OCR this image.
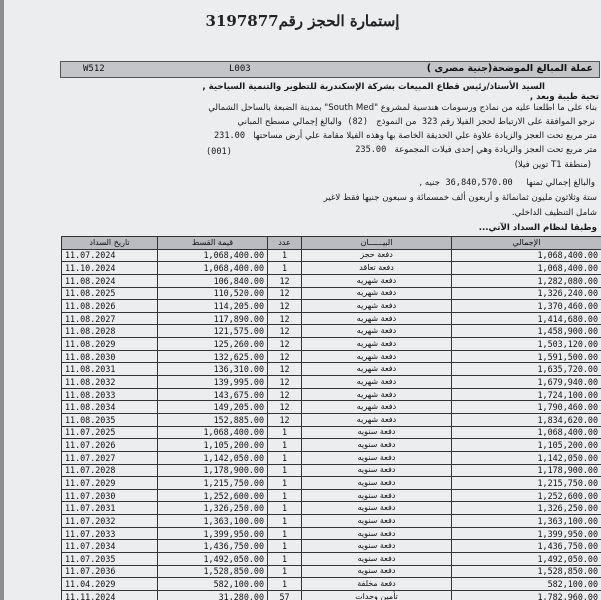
إستمارة الحجز رقم3197877
عملة المبالغ الموضحة(جنية مصرى )
L003
W512
السيد الأستاذ/رئيس قطاع المبيعات بشركة الإسكندرية للتطوير والتنمية السياحية ,
تحية طيبة وبعد ,
بناء على ما اطلعنا عليه من نماذج ورسومات هندسية لمشروع "South Med" بمدينة الضبعة بالساحل الشمالي
نرجو الموافقة على الارتباط لحجز الفيلا رقم 323  من النموذج   (82)  والبالغ إجمالي مسطح المباني
متر مربع تحت العجز والزيادة علاوة علي الحديقة الخاصة بها وهذه الفيلا مقامة علي أرض مساحتها   231.00
متر مربع تحت العجز والزيادة وهي إحدى فيلات المجموعة   235.00
(001)
(منطقة T1 توين فيلا)
والبالغ إجمالي ثمنها     36,840,570.00  جنيه ,
ستة وثلاثون مليون ثمانمائة و أربعون ألف خمسمائة و سبعون جنيها فقط لاغير
شامل التنظيف الداخلي.
وطبقا لنظام السداد الآتي...
تاريخ السداد	قيمة القسط	عدد	البيــــــان	الإجمالي
11.07.2024	1,068,400.00	1	دفعة حجز	1,068,400.00
11.10.2024	1,068,400.00	1	دفعة تعاقد	1,068,400.00
11.08.2024	106,840.00	12	دفعة شهريه	1,282,080.00
11.08.2025	110,520.00	12	دفعة شهريه	1,326,240.00
11.08.2026	114,205.00	12	دفعة شهريه	1,370,460.00
11.08.2027	117,890.00	12	دفعة شهريه	1,414,680.00
11.08.2028	121,575.00	12	دفعة شهريه	1,458,900.00
11.08.2029	125,260.00	12	دفعة شهريه	1,503,120.00
11.08.2030	132,625.00	12	دفعة شهريه	1,591,500.00
11.08.2031	136,310.00	12	دفعة شهريه	1,635,720.00
11.08.2032	139,995.00	12	دفعة شهريه	1,679,940.00
11.08.2033	143,675.00	12	دفعة شهريه	1,724,100.00
11.08.2034	149,205.00	12	دفعة شهريه	1,790,460.00
11.08.2035	152,885.00	12	دفعة شهريه	1,834,620.00
11.07.2025	1,068,400.00	1	دفعة سنويه	1,068,400.00
11.07.2026	1,105,200.00	1	دفعة سنويه	1,105,200.00
11.07.2027	1,142,050.00	1	دفعة سنويه	1,142,050.00
11.07.2028	1,178,900.00	1	دفعة سنويه	1,178,900.00
11.07.2029	1,215,750.00	1	دفعة سنويه	1,215,750.00
11.07.2030	1,252,600.00	1	دفعة سنويه	1,252,600.00
11.07.2031	1,326,250.00	1	دفعة سنويه	1,326,250.00
11.07.2032	1,363,100.00	1	دفعة سنويه	1,363,100.00
11.07.2033	1,399,950.00	1	دفعة سنويه	1,399,950.00
11.07.2034	1,436,750.00	1	دفعة سنويه	1,436,750.00
11.07.2035	1,492,050.00	1	دفعة سنويه	1,492,050.00
11.07.2036	1,528,850.00	1	دفعة سنويه	1,528,850.00
11.04.2029	582,100.00	1	دفعة مخلفة	582,100.00
11.11.2024	31,280.00	57	تأمين وحدات	1,782,960.00
